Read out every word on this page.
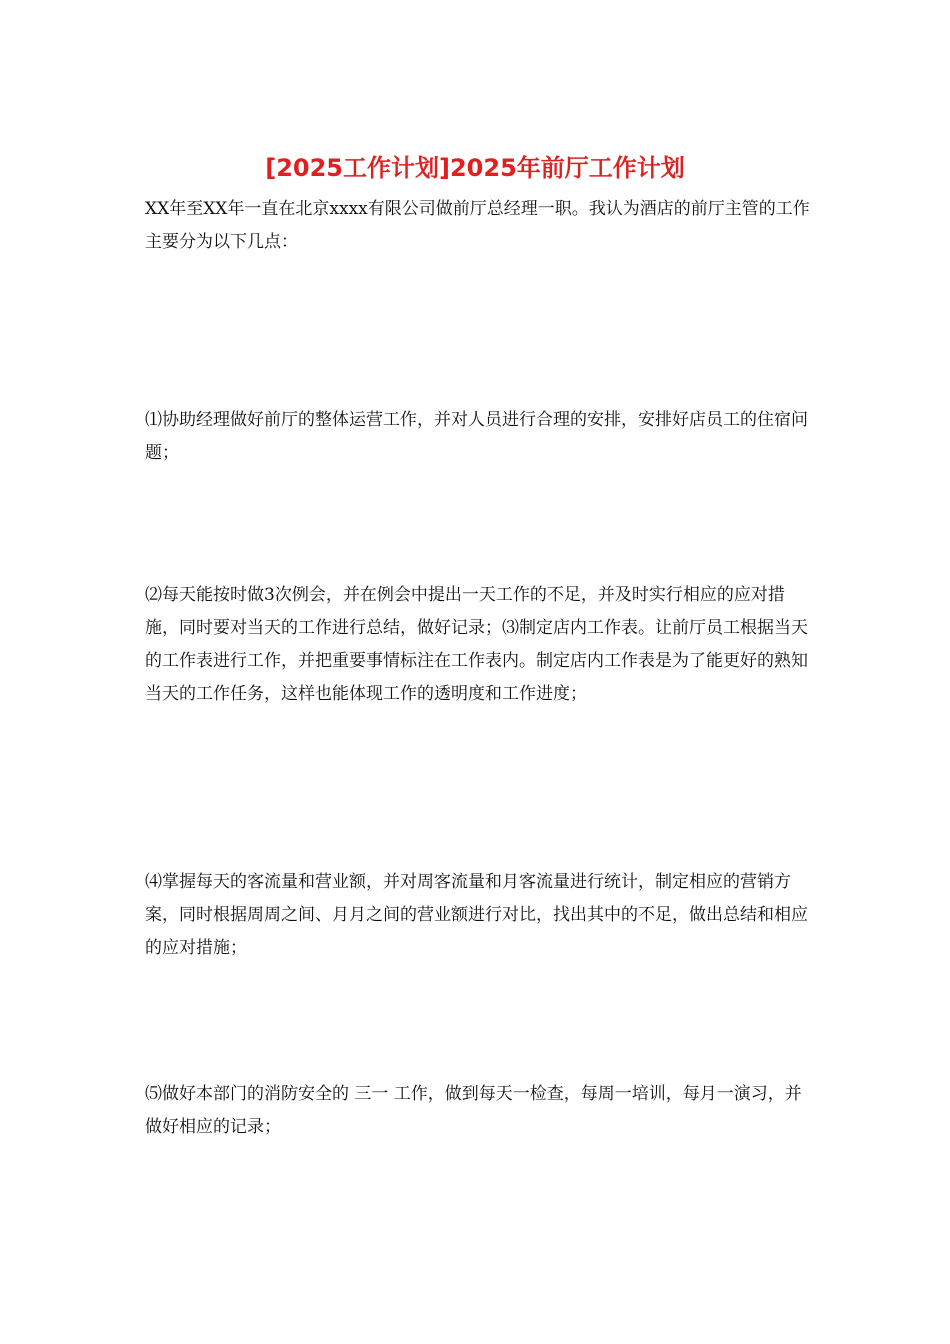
[2025工作计划]2025年前厅工作计划

XX年至XX年一直在北京xxxx有限公司做前厅总经理一职。我认为酒店的前厅主管的工作主要分为以下几点：

⑴协助经理做好前厅的整体运营工作，并对人员进行合理的安排，安排好店员工的住宿问题；

⑵每天能按时做3次例会，并在例会中提出一天工作的不足，并及时实行相应的应对措施，同时要对当天的工作进行总结，做好记录；⑶制定店内工作表。让前厅员工根据当天的工作表进行工作，并把重要事情标注在工作表内。制定店内工作表是为了能更好的熟知当天的工作任务，这样也能体现工作的透明度和工作进度；

⑷掌握每天的客流量和营业额，并对周客流量和月客流量进行统计，制定相应的营销方案，同时根据周周之间、月月之间的营业额进行对比，找出其中的不足，做出总结和相应的应对措施；

⑸做好本部门的消防安全的 三一 工作，做到每天一检查，每周一培训，每月一演习，并做好相应的记录；
